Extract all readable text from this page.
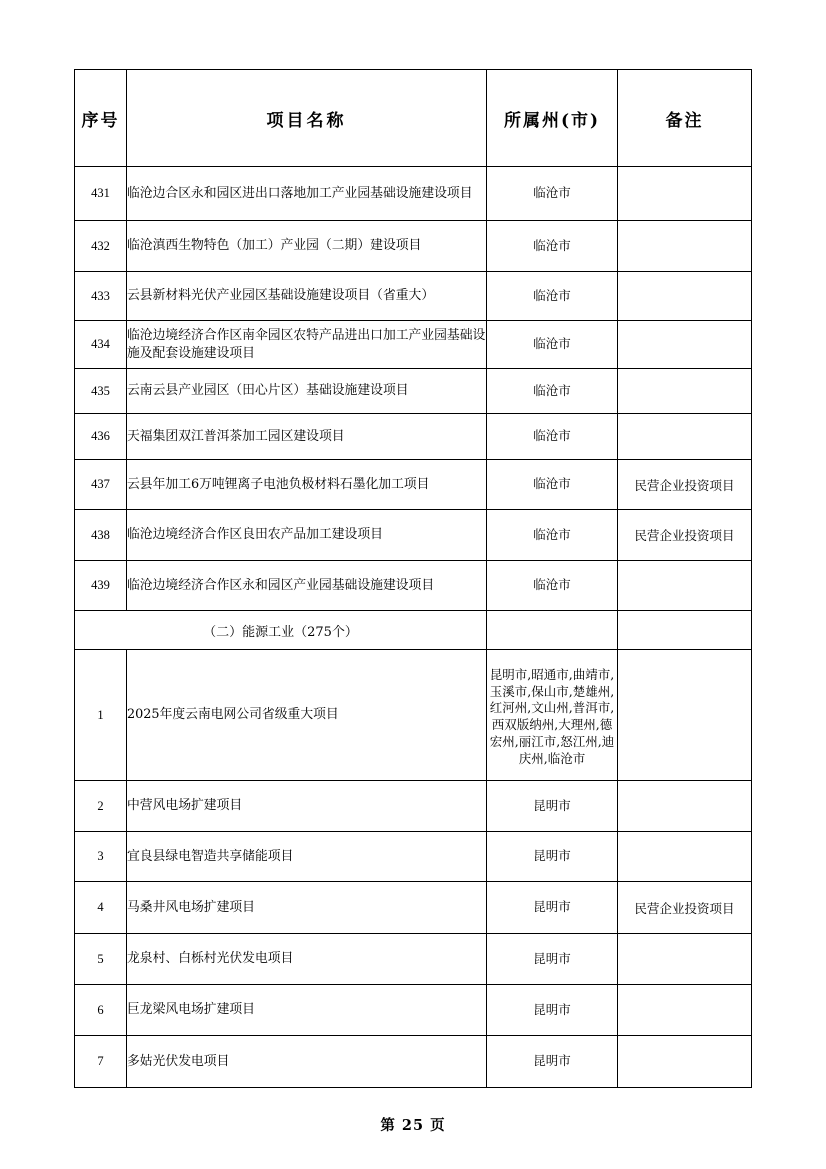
序号	项目名称	所属州(市)	备注
431	临沧边合区永和园区进出口落地加工产业园基础设施建设项目	临沧市	
432	临沧滇西生物特色（加工）产业园（二期）建设项目	临沧市	
433	云县新材料光伏产业园区基础设施建设项目（省重大）	临沧市	
434	临沧边境经济合作区南伞园区农特产品进出口加工产业园基础设施及配套设施建设项目	临沧市	
435	云南云县产业园区（田心片区）基础设施建设项目	临沧市	
436	天福集团双江普洱茶加工园区建设项目	临沧市	
437	云县年加工6万吨锂离子电池负极材料石墨化加工项目	临沧市	民营企业投资项目
438	临沧边境经济合作区良田农产品加工建设项目	临沧市	民营企业投资项目
439	临沧边境经济合作区永和园区产业园基础设施建设项目	临沧市	
（二）能源工业（275个）			
1	2025年度云南电网公司省级重大项目	昆明市,昭通市,曲靖市,玉溪市,保山市,楚雄州,红河州,文山州,普洱市,西双版纳州,大理州,德宏州,丽江市,怒江州,迪庆州,临沧市	

2	中营风电场扩建项目	昆明市	
3	宜良县绿电智造共享储能项目	昆明市	
4	马桑井风电场扩建项目	昆明市	民营企业投资项目
5	龙泉村、白栎村光伏发电项目	昆明市	
6	巨龙梁风电场扩建项目	昆明市	
7	多姑光伏发电项目	昆明市	
第 25 页
